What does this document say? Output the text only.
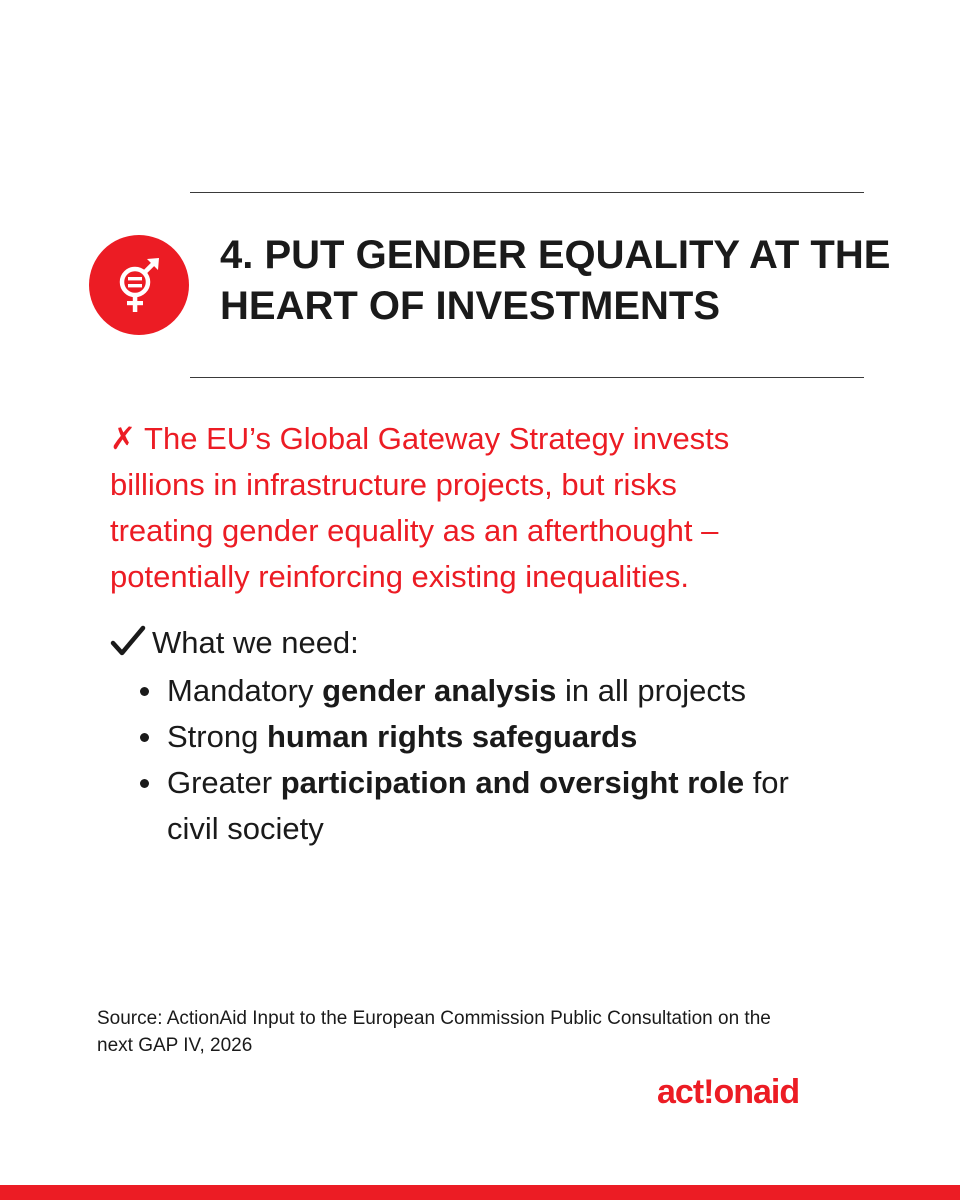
4. PUT GENDER EQUALITY AT THE
HEART OF INVESTMENTS

✗ The EU’s Global Gateway Strategy invests
billions in infrastructure projects, but risks
treating gender equality as an afterthought –
potentially reinforcing existing inequalities.

What we need:
Mandatory gender analysis in all projects
Strong human rights safeguards
Greater participation and oversight role for
civil society
Source: ActionAid Input to the European Commission Public Consultation on the
next GAP IV, 2026
act!onaid
